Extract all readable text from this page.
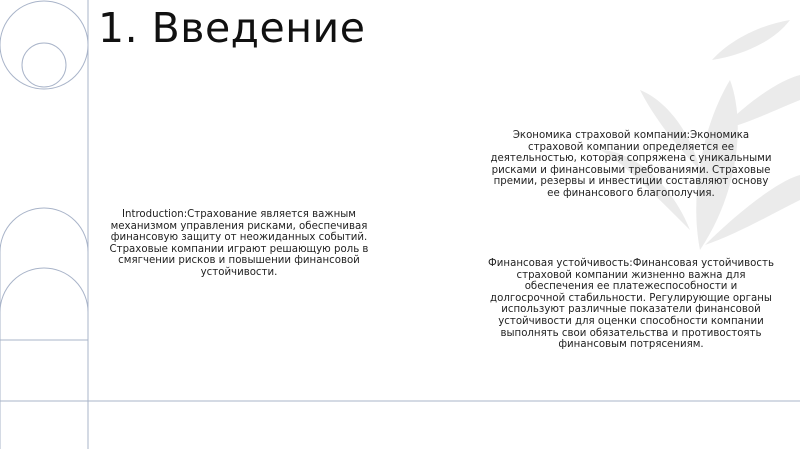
1. Введение
Introduction:Страхование является важным механизмом управления рисками, обеспечивая финансовую защиту от неожиданных событий. Страховые компании играют решающую роль в смягчении рисков и повышении финансовой устойчивости.
Экономика страховой компании:Экономика страховой компании определяется ее деятельностью, которая сопряжена с уникальными рисками и финансовыми требованиями. Страховые премии, резервы и инвестиции составляют основу ее финансового благополучия.
Финансовая устойчивость:Финансовая устойчивость страховой компании жизненно важна для обеспечения ее платежеспособности и долгосрочной стабильности. Регулирующие органы используют различные показатели финансовой устойчивости для оценки способности компании выполнять свои обязательства и противостоять финансовым потрясениям.
